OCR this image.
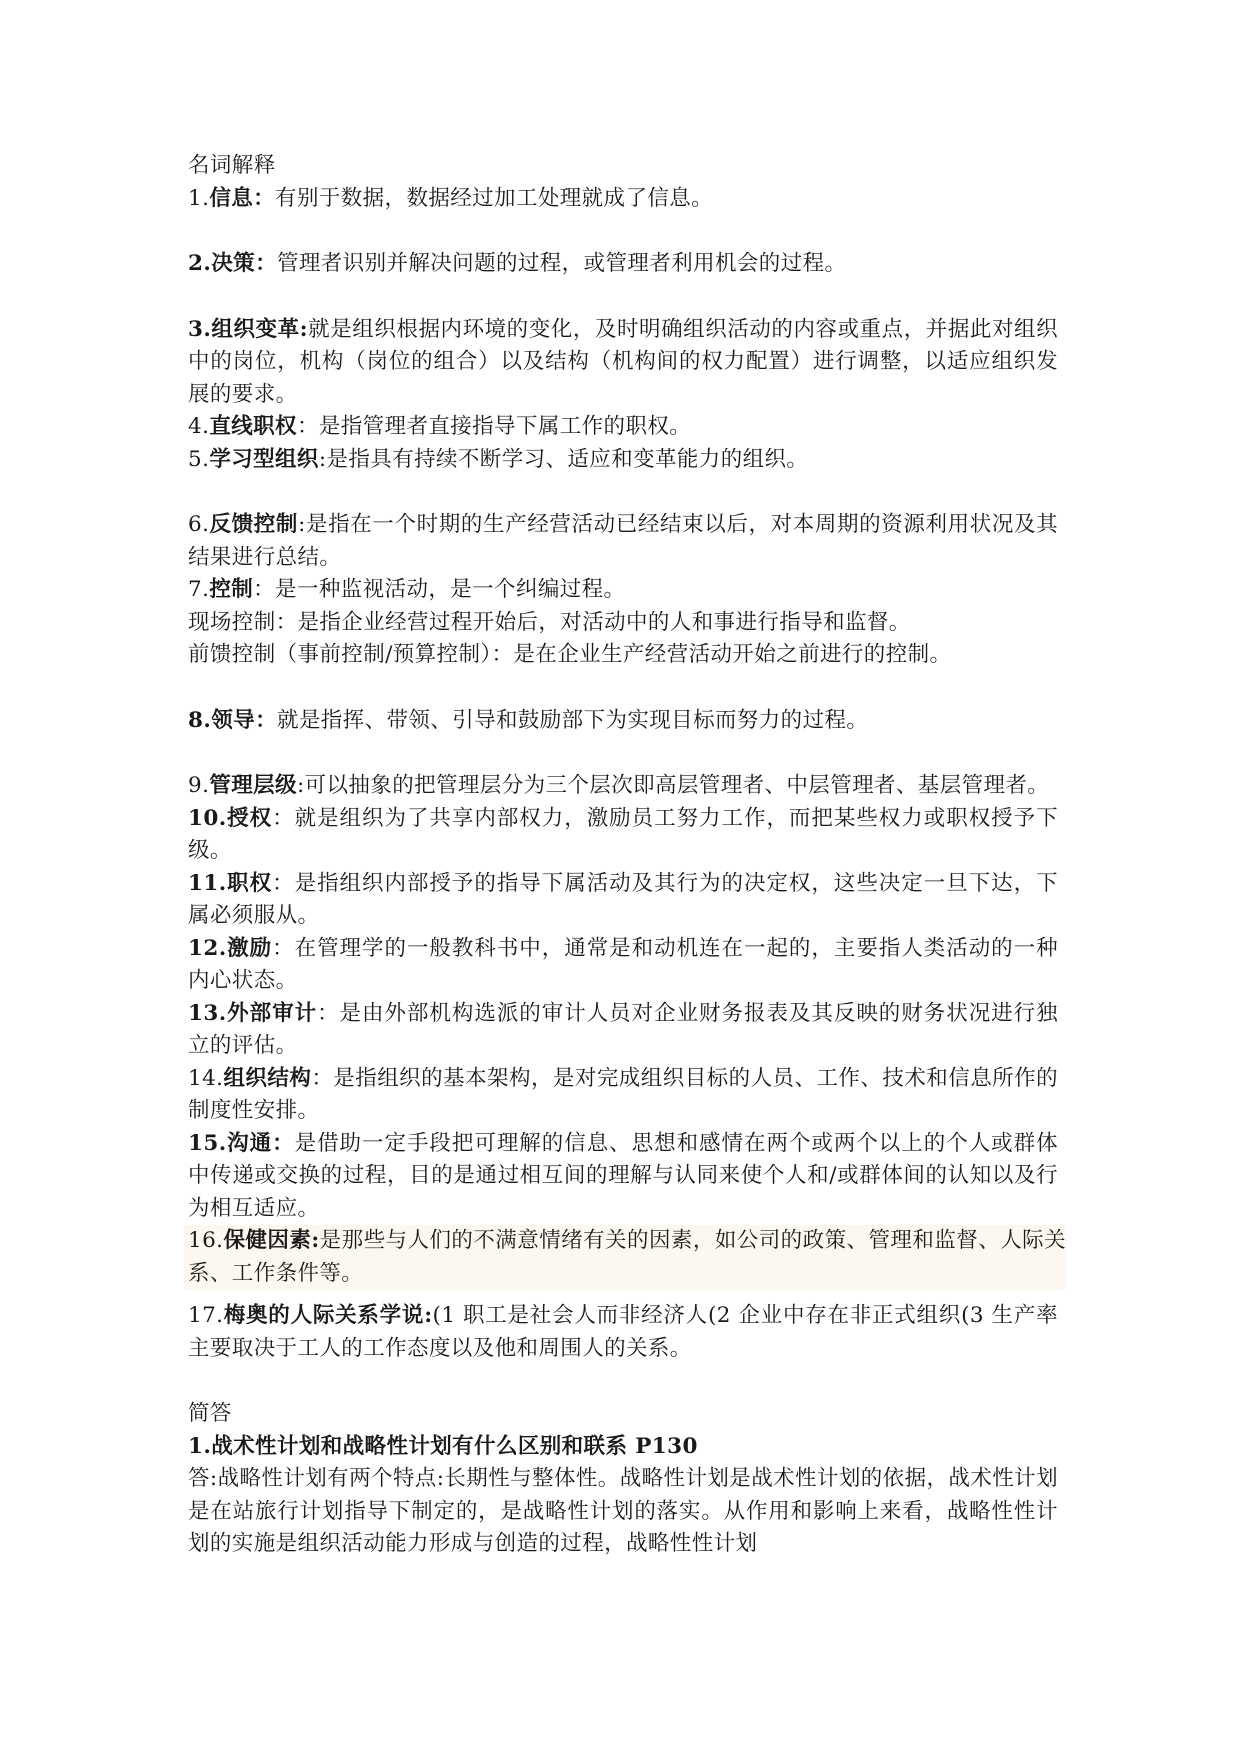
名词解释
1.信息：有别于数据，数据经过加工处理就成了信息。
2.决策：管理者识别并解决问题的过程，或管理者利用机会的过程。
3.组织变革:就是组织根据内环境的变化，及时明确组织活动的内容或重点，并据此对组织 中的岗位，机构（岗位的组合）以及结构（机构间的权力配置）进行调整，以适应组织发展的要求。
4.直线职权：是指管理者直接指导下属工作的职权。
5.学习型组织:是指具有持续不断学习、适应和变革能力的组织。
6.反馈控制:是指在一个时期的生产经营活动已经结束以后，对本周期的资源利用状况及其结果进行总结。
7.控制：是一种监视活动，是一个纠编过程。
现场控制：是指企业经营过程开始后，对活动中的人和事进行指导和监督。
前馈控制（事前控制/预算控制）：是在企业生产经营活动开始之前进行的控制。
8.领导：就是指挥、带领、引导和鼓励部下为实现目标而努力的过程。
9.管理层级:可以抽象的把管理层分为三个层次即高层管理者、中层管理者、基层管理者。
10.授权：就是组织为了共享内部权力，激励员工努力工作，而把某些权力或职权授予下级。
11.职权：是指组织内部授予的指导下属活动及其行为的决定权，这些决定一旦下达，下属必须服从。
12.激励：在管理学的一般教科书中，通常是和动机连在一起的，主要指人类活动的一种内心状态。
13.外部审计：是由外部机构选派的审计人员对企业财务报表及其反映的财务状况进行独立的评估。
14.组织结构：是指组织的基本架构，是对完成组织目标的人员、工作、技术和信息所作的制度性安排。
15.沟通：是借助一定手段把可理解的信息、思想和感情在两个或两个以上的个人或群体中传递或交换的过程，目的是通过相互间的理解与认同来使个人和/或群体间的认知以及行为相互适应。
16.保健因素:是那些与人们的不满意情绪有关的因素，如公司的政策、管理和监督、人际关系、工作条件等。
17.梅奥的人际关系学说:(1 职工是社会人而非经济人(2 企业中存在非正式组织(3 生产率主要取决于工人的工作态度以及他和周围人的关系。
简答
1.战术性计划和战略性计划有什么区别和联系 P130
答:战略性计划有两个特点:长期性与整体性。战略性计划是战术性计划的依据，战术性计划是在站旅行计划指导下制定的，是战略性计划的落实。从作用和影响上来看，战略性性计划的实施是组织活动能力形成与创造的过程，战略性性计划
